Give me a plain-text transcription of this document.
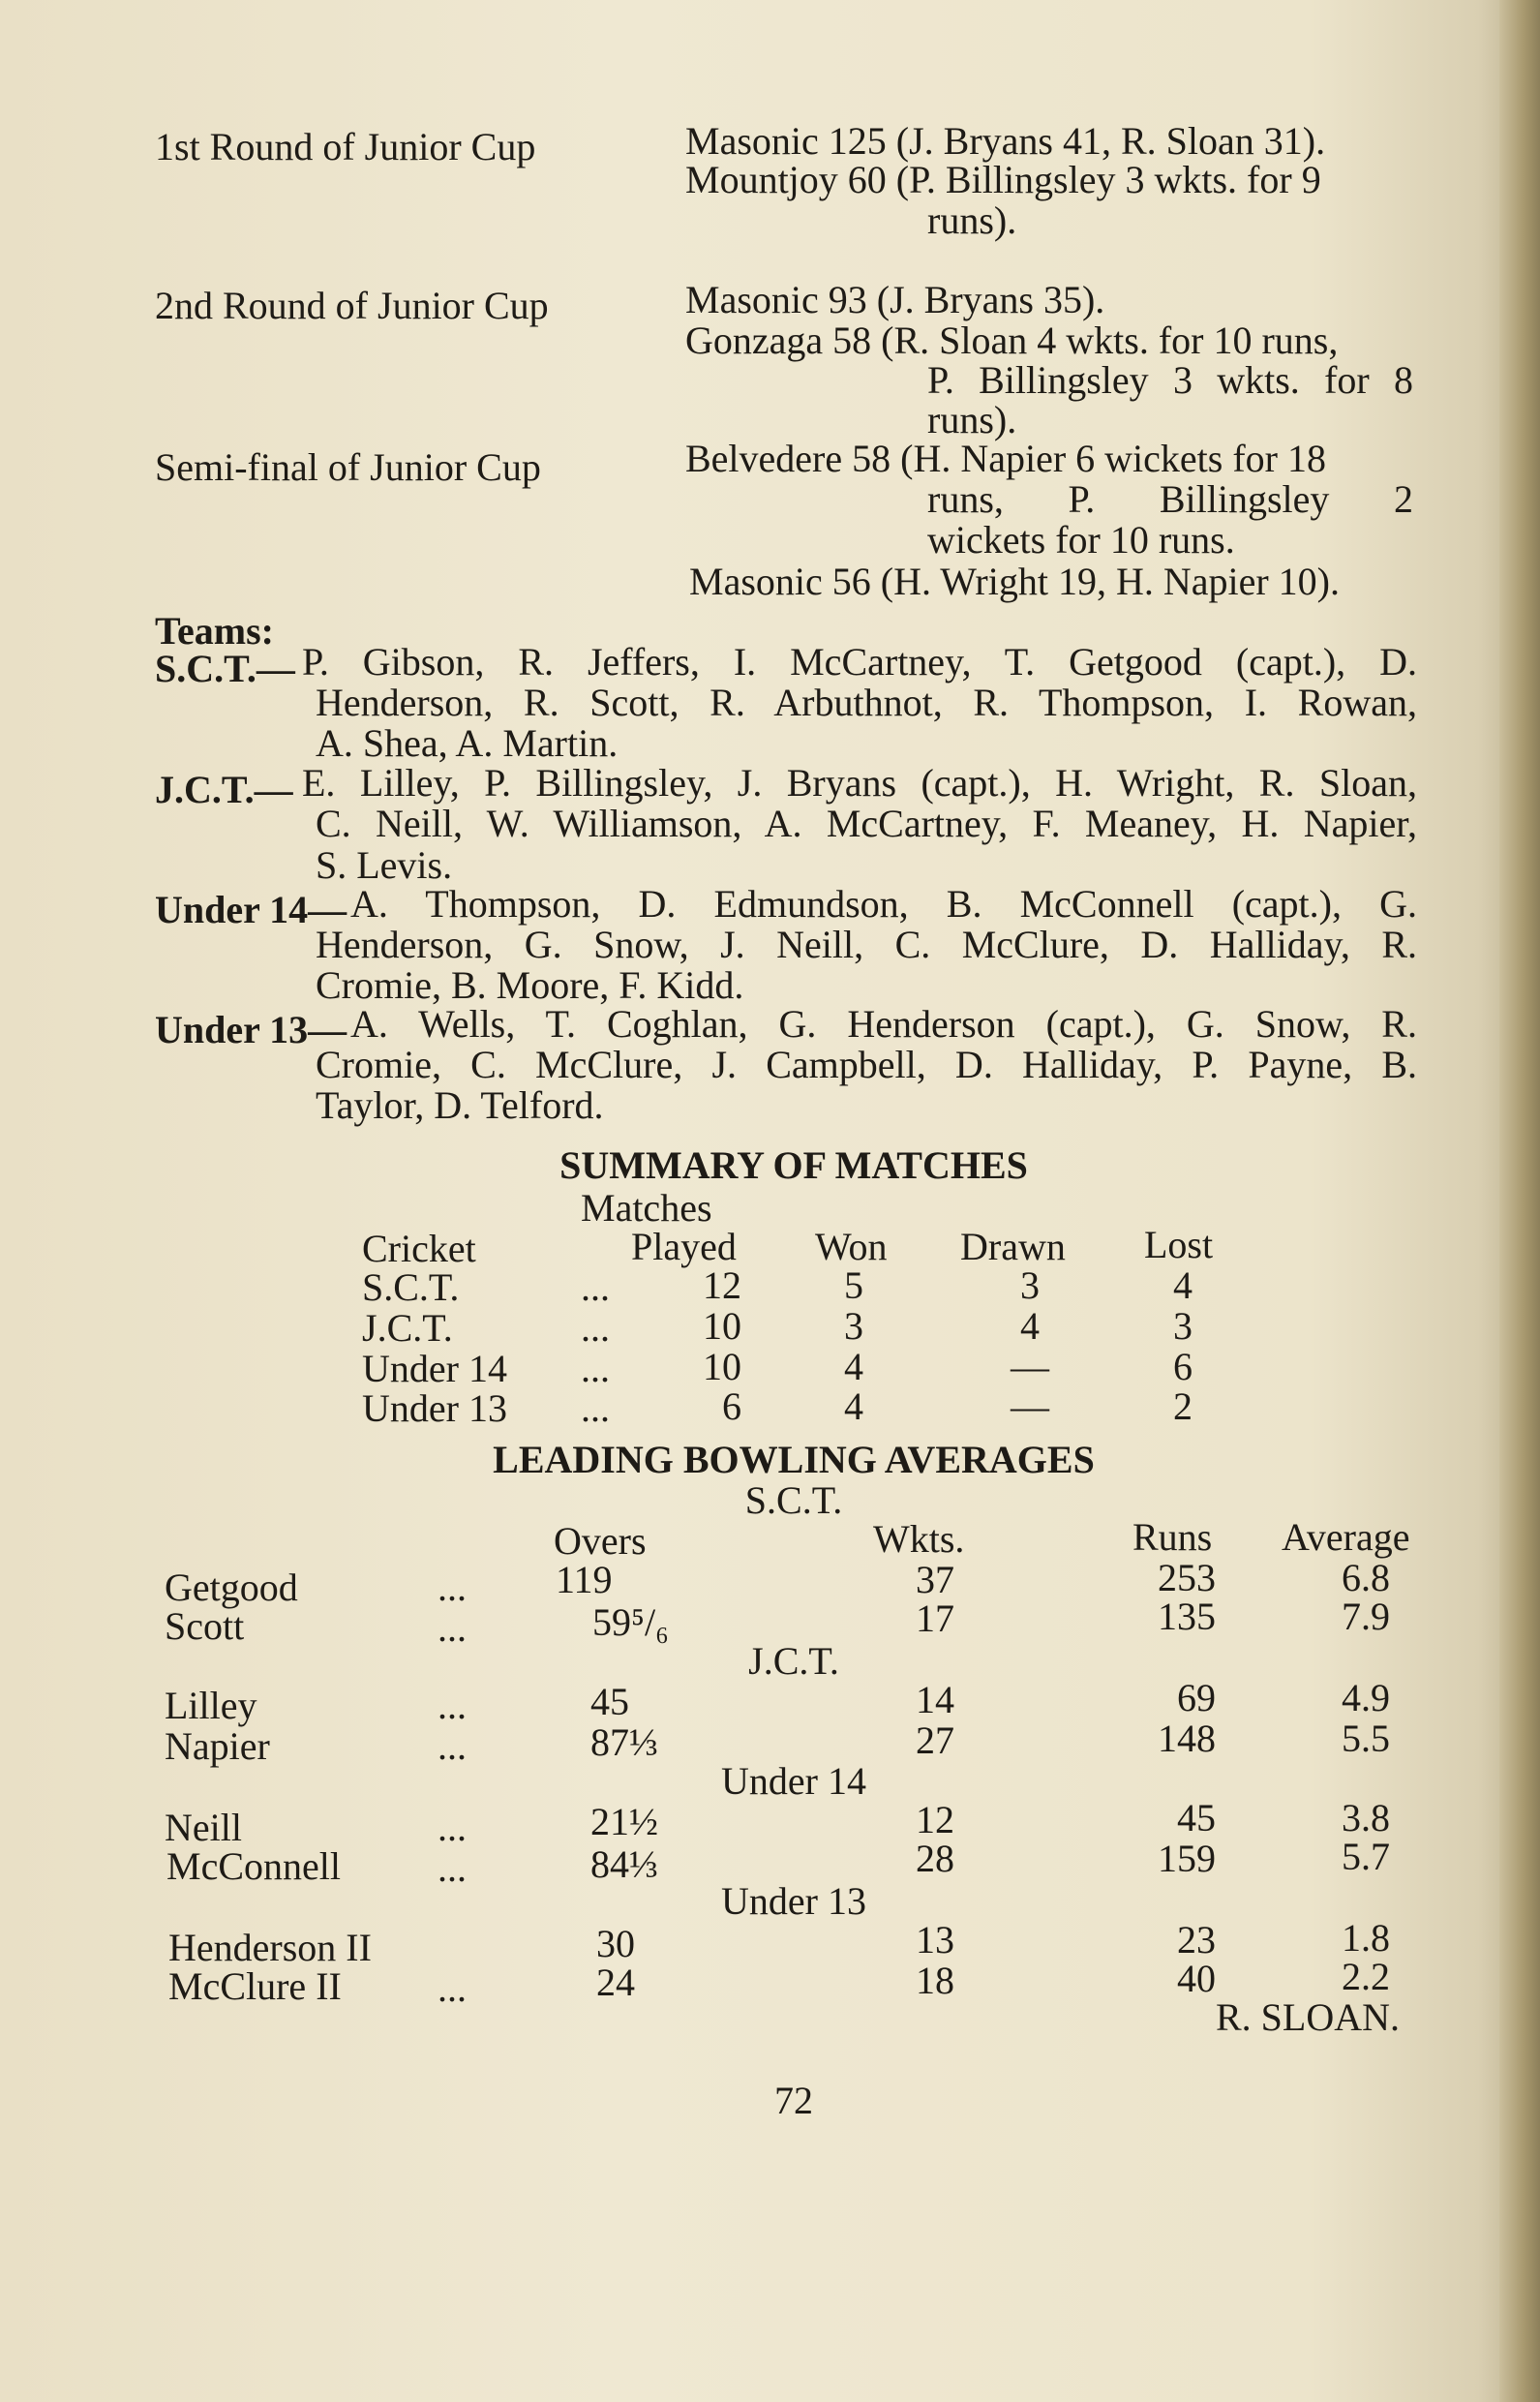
1st Round of Junior Cup	Masonic 125 (J. Bryans 41, R. Sloan 31).
Mountjoy 60 (P. Billingsley 3 wkts. for 9
runs).
2nd Round of Junior Cup	Masonic 93 (J. Bryans 35).
Gonzaga 58 (R. Sloan 4 wkts. for 10 runs,
P. Billingsley 3 wkts. for 8
runs).
Semi-final of Junior Cup	Belvedere 58 (H. Napier 6 wickets for 18
runs, P. Billingsley 2
wickets for 10 runs.
Masonic 56 (H. Wright 19, H. Napier 10).
Teams:
S.C.T.— P. Gibson, R. Jeffers, I. McCartney, T. Getgood (capt.), D.
Henderson, R. Scott, R. Arbuthnot, R. Thompson, I. Rowan,
A. Shea, A. Martin.
J.C.T.— E. Lilley, P. Billingsley, J. Bryans (capt.), H. Wright, R. Sloan,
C. Neill, W. Williamson, A. McCartney, F. Meaney, H. Napier,
S. Levis.
Under 14— A. Thompson, D. Edmundson, B. McConnell (capt.), G.
Henderson, G. Snow, J. Neill, C. McClure, D. Halliday, R.
Cromie, B. Moore, F. Kidd.
Under 13— A. Wells, T. Coghlan, G. Henderson (capt.), G. Snow, R.
Cromie, C. McClure, J. Campbell, D. Halliday, P. Payne, B.
Taylor, D. Telford.
SUMMARY OF MATCHES
Matches
Cricket	Played Won Drawn Lost
S.C.T.	...	12	5	3	4
J.C.T.	...	10	3	4	3
Under 14 ...	10	4	—	6
Under 13 ...	6	4	—	2
LEADING BOWLING AVERAGES
S.C.T.
Overs	Wkts.	Runs Average
Getgood	... 119	37	253	6.8
Scott	...	59⁵/₆	17	135	7.9
J.C.T.
Lilley	...	45	14	69	4.9
Napier	...	87⅓	27	148	5.5
Under 14
Neill	...	21½	12	45	3.8
McConnell	...	84⅓	28	159	5.7
Under 13
Henderson II	30	13	23	1.8
McClure II ...	24	18	40	2.2
R. SLOAN.
72
